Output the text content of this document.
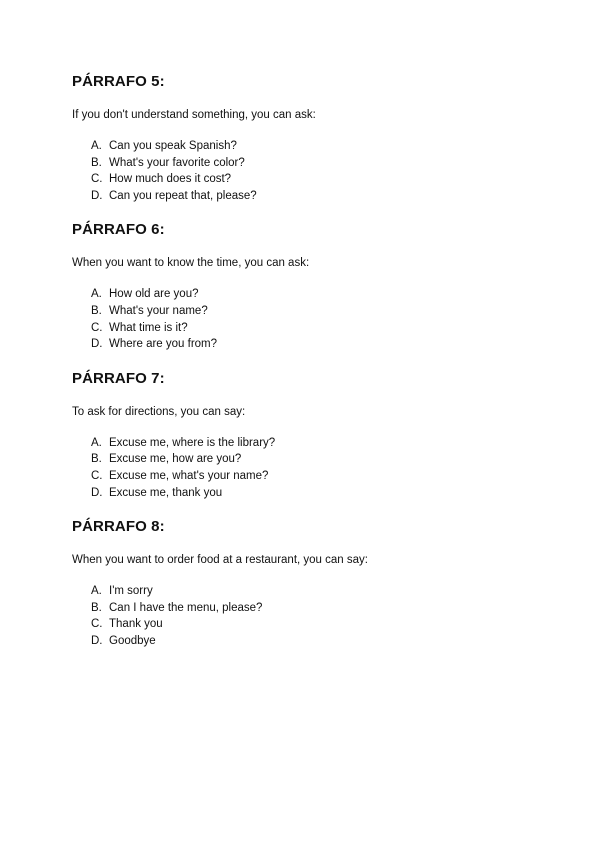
PÁRRAFO 5:

If you don't understand something, you can ask:

A. Can you speak Spanish?
B. What's your favorite color?
C. How much does it cost?
D. Can you repeat that, please?
PÁRRAFO 6:

When you want to know the time, you can ask:

A. How old are you?
B. What's your name?
C. What time is it?
D. Where are you from?
PÁRRAFO 7:

To ask for directions, you can say:

A. Excuse me, where is the library?
B. Excuse me, how are you?
C. Excuse me, what's your name?
D. Excuse me, thank you
PÁRRAFO 8:

When you want to order food at a restaurant, you can say:

A. I'm sorry
B. Can I have the menu, please?
C. Thank you
D. Goodbye
